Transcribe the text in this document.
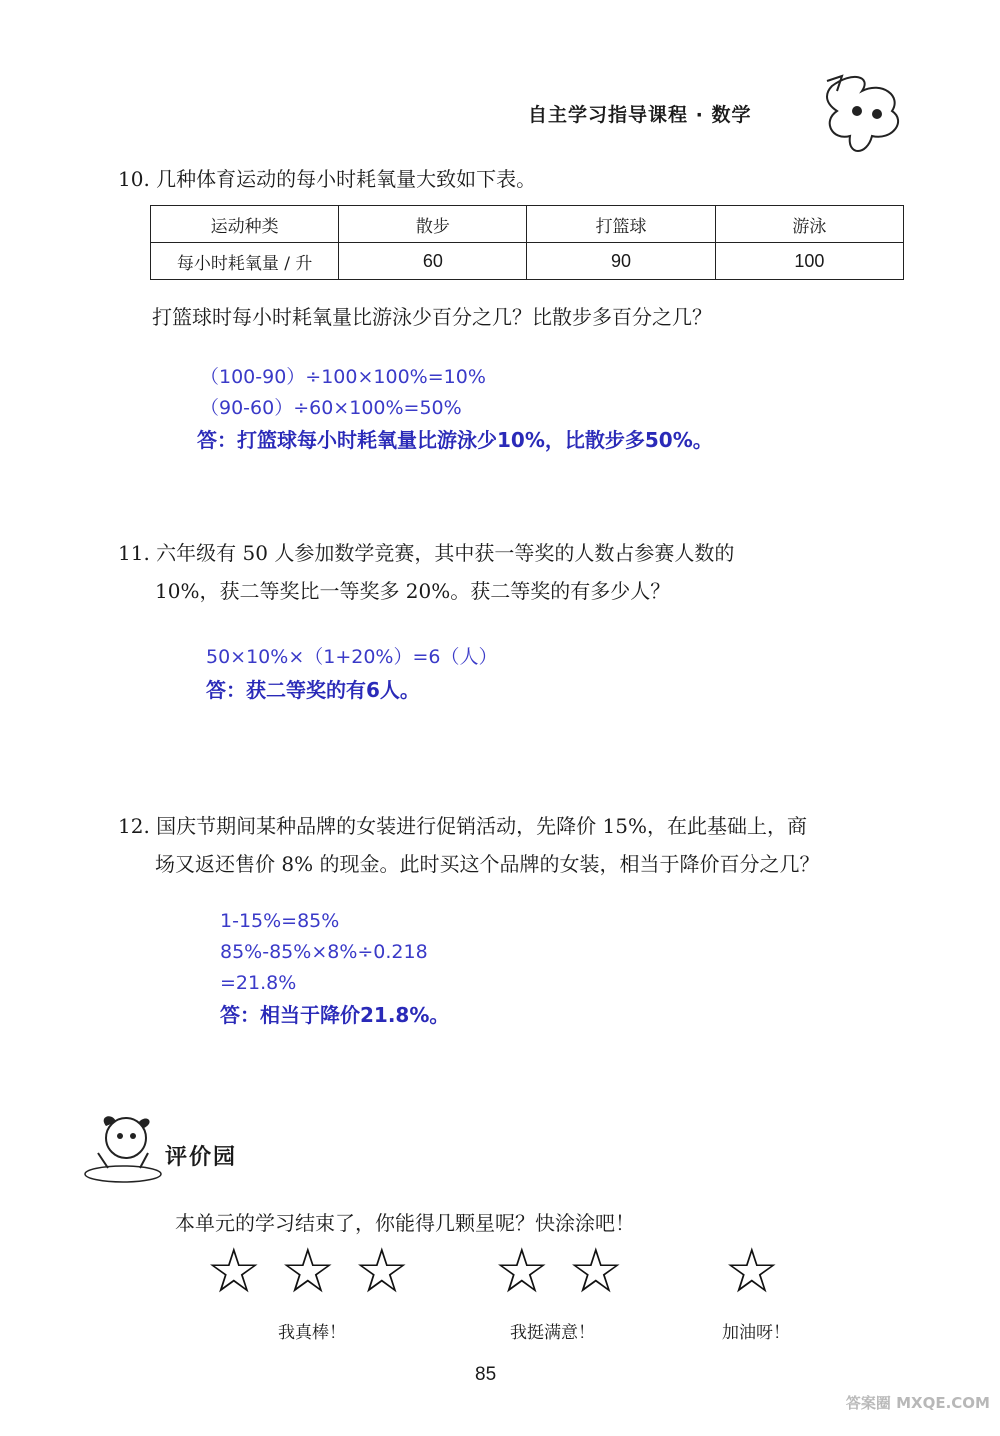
自主学习指导课程 · 数学
10. 几种体育运动的每小时耗氧量大致如下表。
运动种类	散步	打篮球	游泳
每小时耗氧量 / 升	60	90	100
打篮球时每小时耗氧量比游泳少百分之几？比散步多百分之几？
（100-90）÷100×100%=10%
（90-60）÷60×100%=50%
答：打篮球每小时耗氧量比游泳少10%，比散步多50%。
11. 六年级有 50 人参加数学竞赛，其中获一等奖的人数占参赛人数的
10%，获二等奖比一等奖多 20%。获二等奖的有多少人？
50×10%×（1+20%）=6（人）
答：获二等奖的有6人。
12. 国庆节期间某种品牌的女装进行促销活动，先降价 15%，在此基础上，商
场又返还售价 8% 的现金。此时买这个品牌的女装，相当于降价百分之几？
1-15%=85%
85%-85%×8%÷0.218
=21.8%
答：相当于降价21.8%。
评价园
本单元的学习结束了，你能得几颗星呢？快涂涂吧！
☆ ☆ ☆
我真棒！
☆ ☆
我挺满意！
☆
加油呀！
85
答案圈 MXQE.COM
